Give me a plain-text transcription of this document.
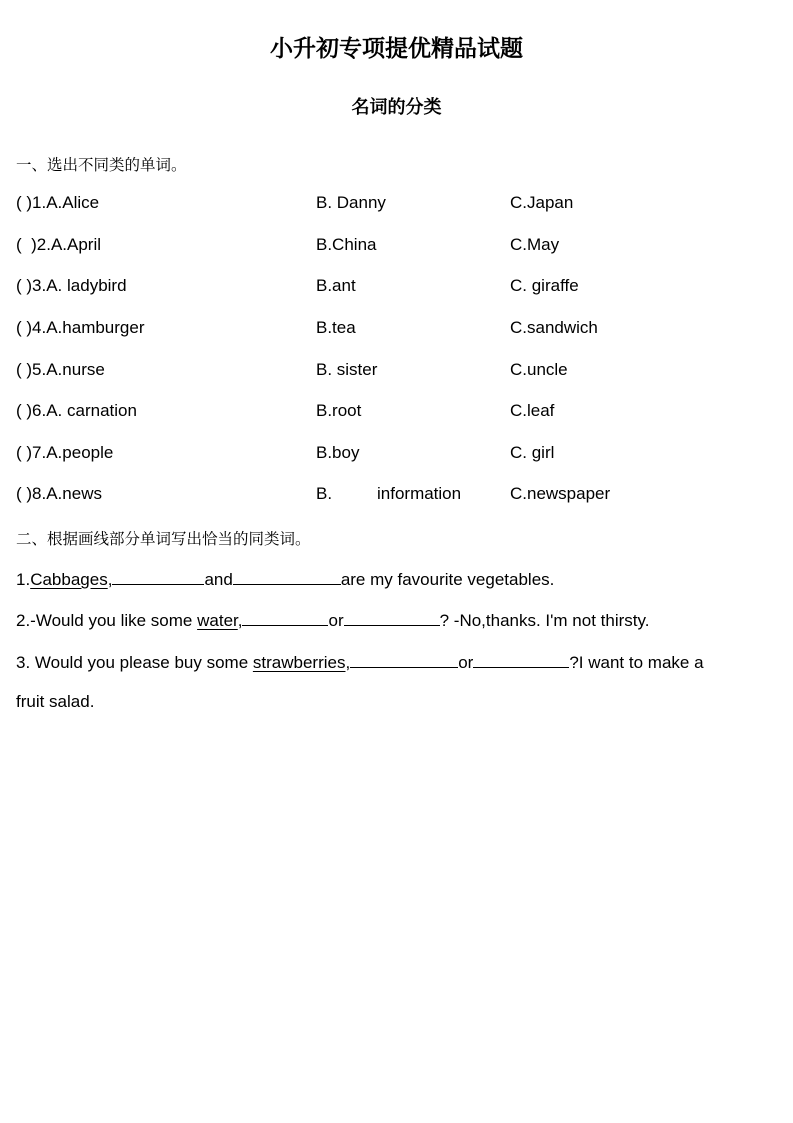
小升初专项提优精品试题
名词的分类
一、选出不同类的单词。
( )1.A.Alice	B. Danny	C.Japan
(  )2.A.April	B.China	C.May
( )3.A. ladybird	B.ant	C. giraffe
( )4.A.hamburger	B.tea	C.sandwich
( )5.A.nurse	B. sister	C.uncle
( )6.A. carnation	B.root	C.leaf
( )7.A.people	B.boy	C. girl
( )8.A.news	B.	information	C.newspaper
二、根据画线部分单词写出恰当的同类词。
1.Cabbages,	and	are my favourite vegetables.
2.-Would you like some water,	or	? -No,thanks. I'm not thirsty.
3. Would you please buy some strawberries,	or	?I want to make a
fruit salad.
